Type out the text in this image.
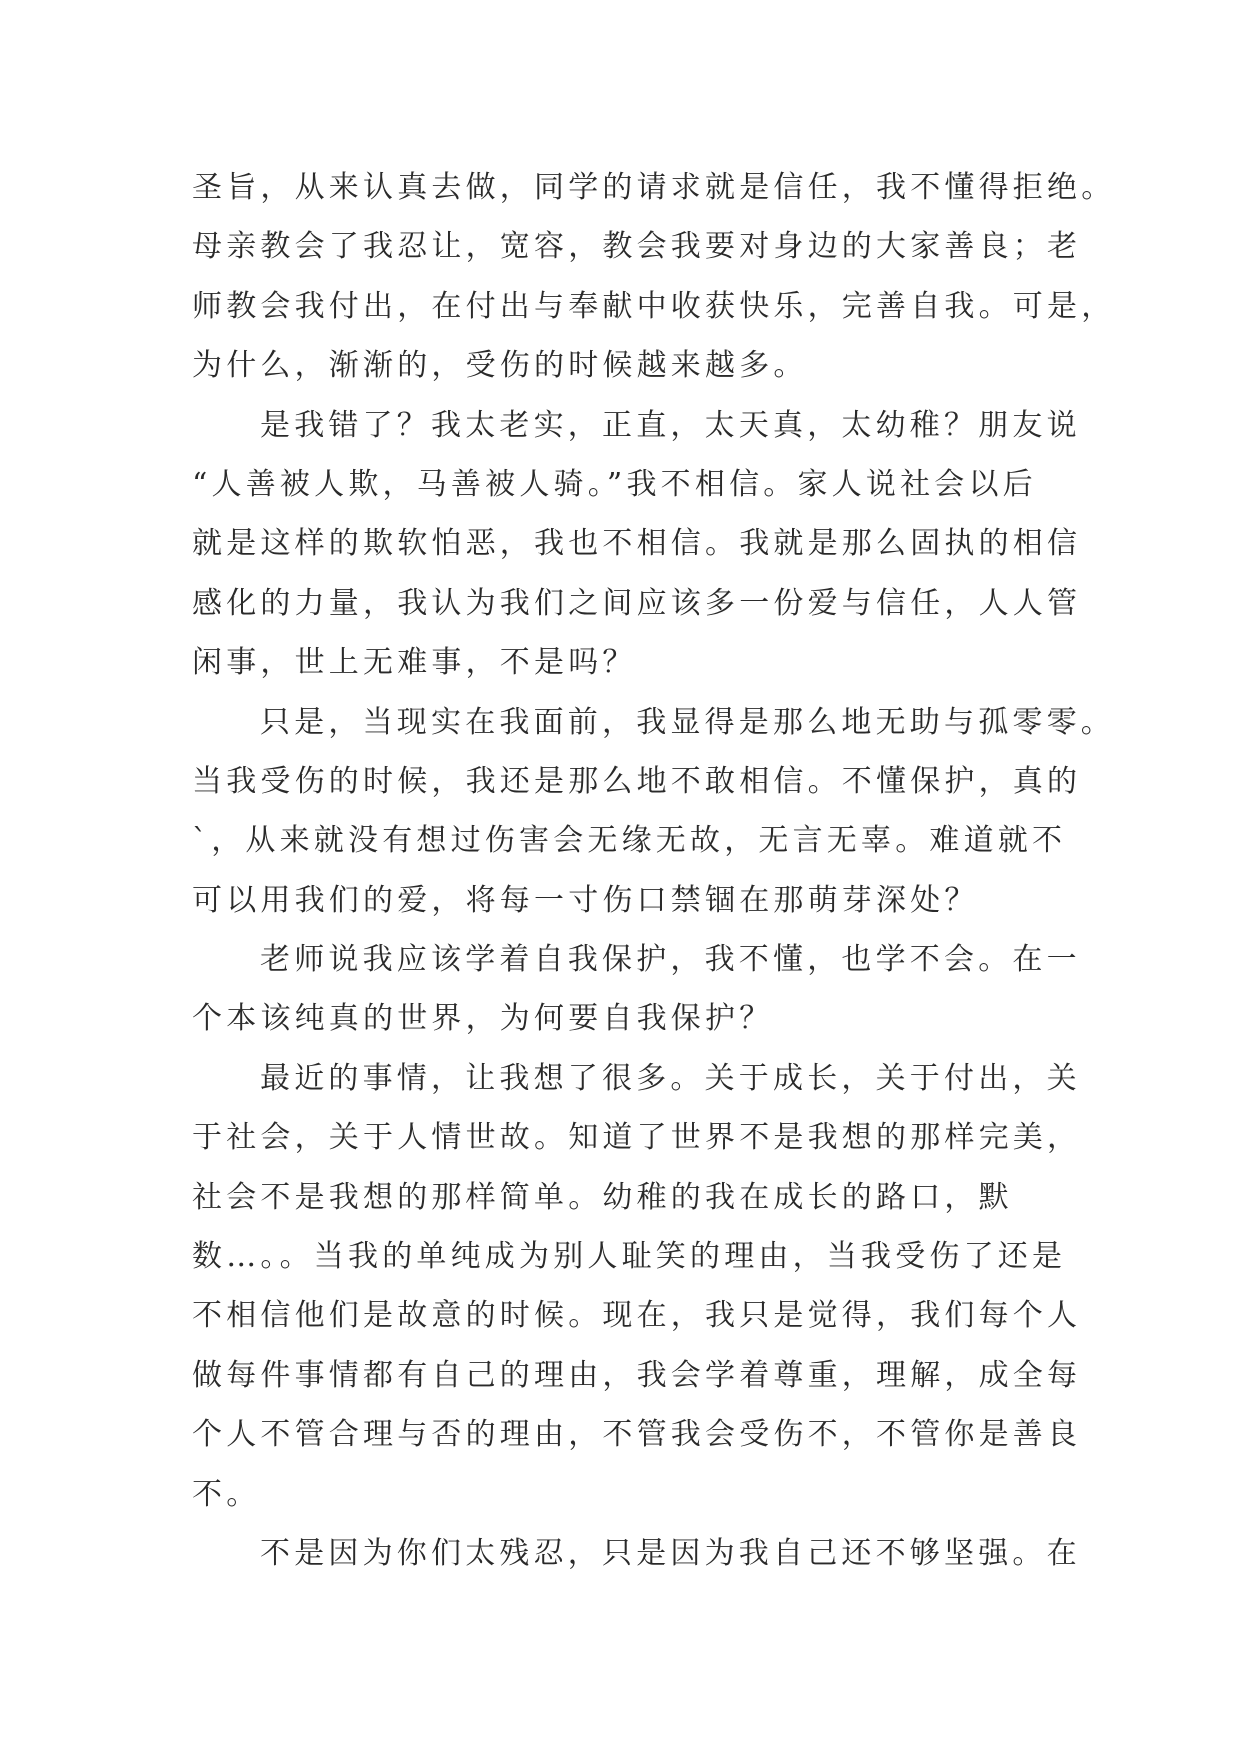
圣旨，从来认真去做，同学的请求就是信任，我不懂得拒绝。
母亲教会了我忍让，宽容，教会我要对身边的大家善良；老
师教会我付出，在付出与奉献中收获快乐，完善自我。可是，
为什么，渐渐的，受伤的时候越来越多。
是我错了？我太老实，正直，太天真，太幼稚？朋友说
“人善被人欺，马善被人骑。”我不相信。家人说社会以后
就是这样的欺软怕恶，我也不相信。我就是那么固执的相信
感化的力量，我认为我们之间应该多一份爱与信任，人人管
闲事，世上无难事，不是吗？
只是，当现实在我面前，我显得是那么地无助与孤零零。
当我受伤的时候，我还是那么地不敢相信。不懂保护，真的
`，从来就没有想过伤害会无缘无故，无言无辜。难道就不
可以用我们的爱，将每一寸伤口禁锢在那萌芽深处？
老师说我应该学着自我保护，我不懂，也学不会。在一
个本该纯真的世界，为何要自我保护？
最近的事情，让我想了很多。关于成长，关于付出，关
于社会，关于人情世故。知道了世界不是我想的那样完美，
社会不是我想的那样简单。幼稚的我在成长的路口，默
数…。。当我的单纯成为别人耻笑的理由，当我受伤了还是
不相信他们是故意的时候。现在，我只是觉得，我们每个人
做每件事情都有自己的理由，我会学着尊重，理解，成全每
个人不管合理与否的理由，不管我会受伤不，不管你是善良
不。
不是因为你们太残忍，只是因为我自己还不够坚强。在
